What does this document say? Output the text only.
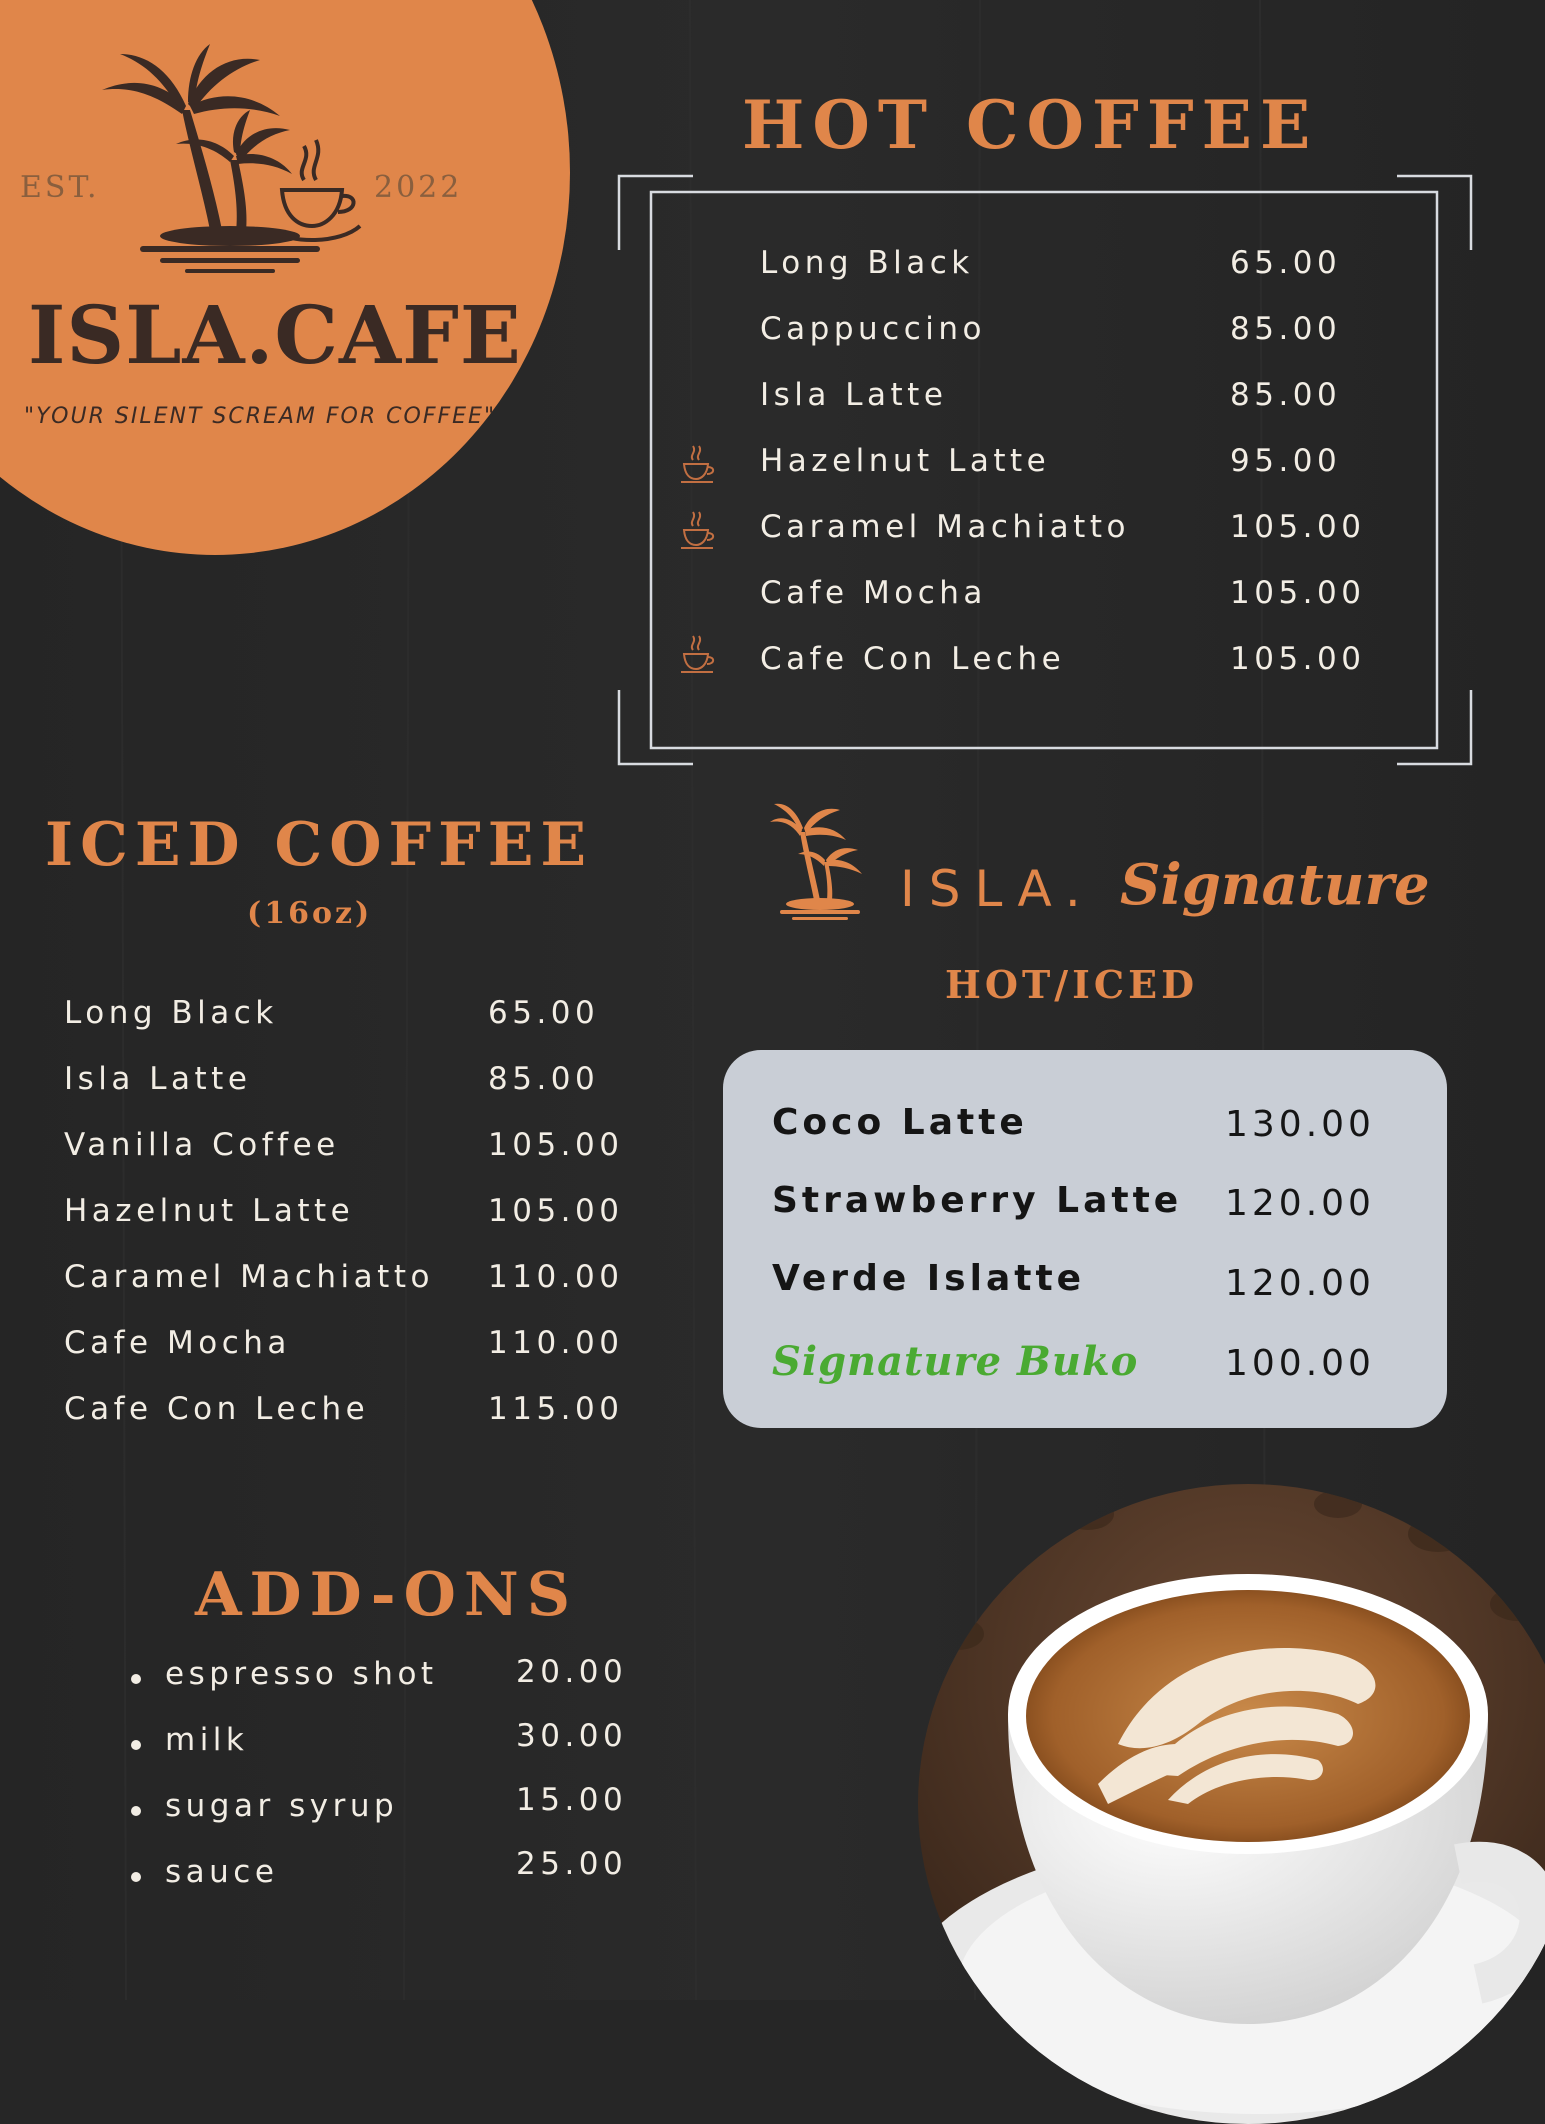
EST.	2022
ISLA.CAFE
"YOUR SILENT SCREAM FOR COFFEE"
HOT COFFEE
Long Black	65.00
Cappuccino	85.00
Isla Latte	85.00
Hazelnut Latte	95.00
Caramel Machiatto	105.00
Cafe Mocha	105.00
Cafe Con Leche	105.00
ICED COFFEE
(16oz)
Long Black	65.00
Isla Latte	85.00
Vanilla Coffee	105.00
Hazelnut Latte	105.00
Caramel Machiatto 110.00
Cafe Mocha	110.00
Cafe Con Leche	115.00
ISLA. Signature
HOT/ICED
Coco Latte	130.00
Strawberry Latte 120.00
Verde Islatte	120.00
Signature Buko 100.00
ADD-ONS
espresso shot	20.00
milk	30.00
sugar syrup	15.00
sauce	25.00
